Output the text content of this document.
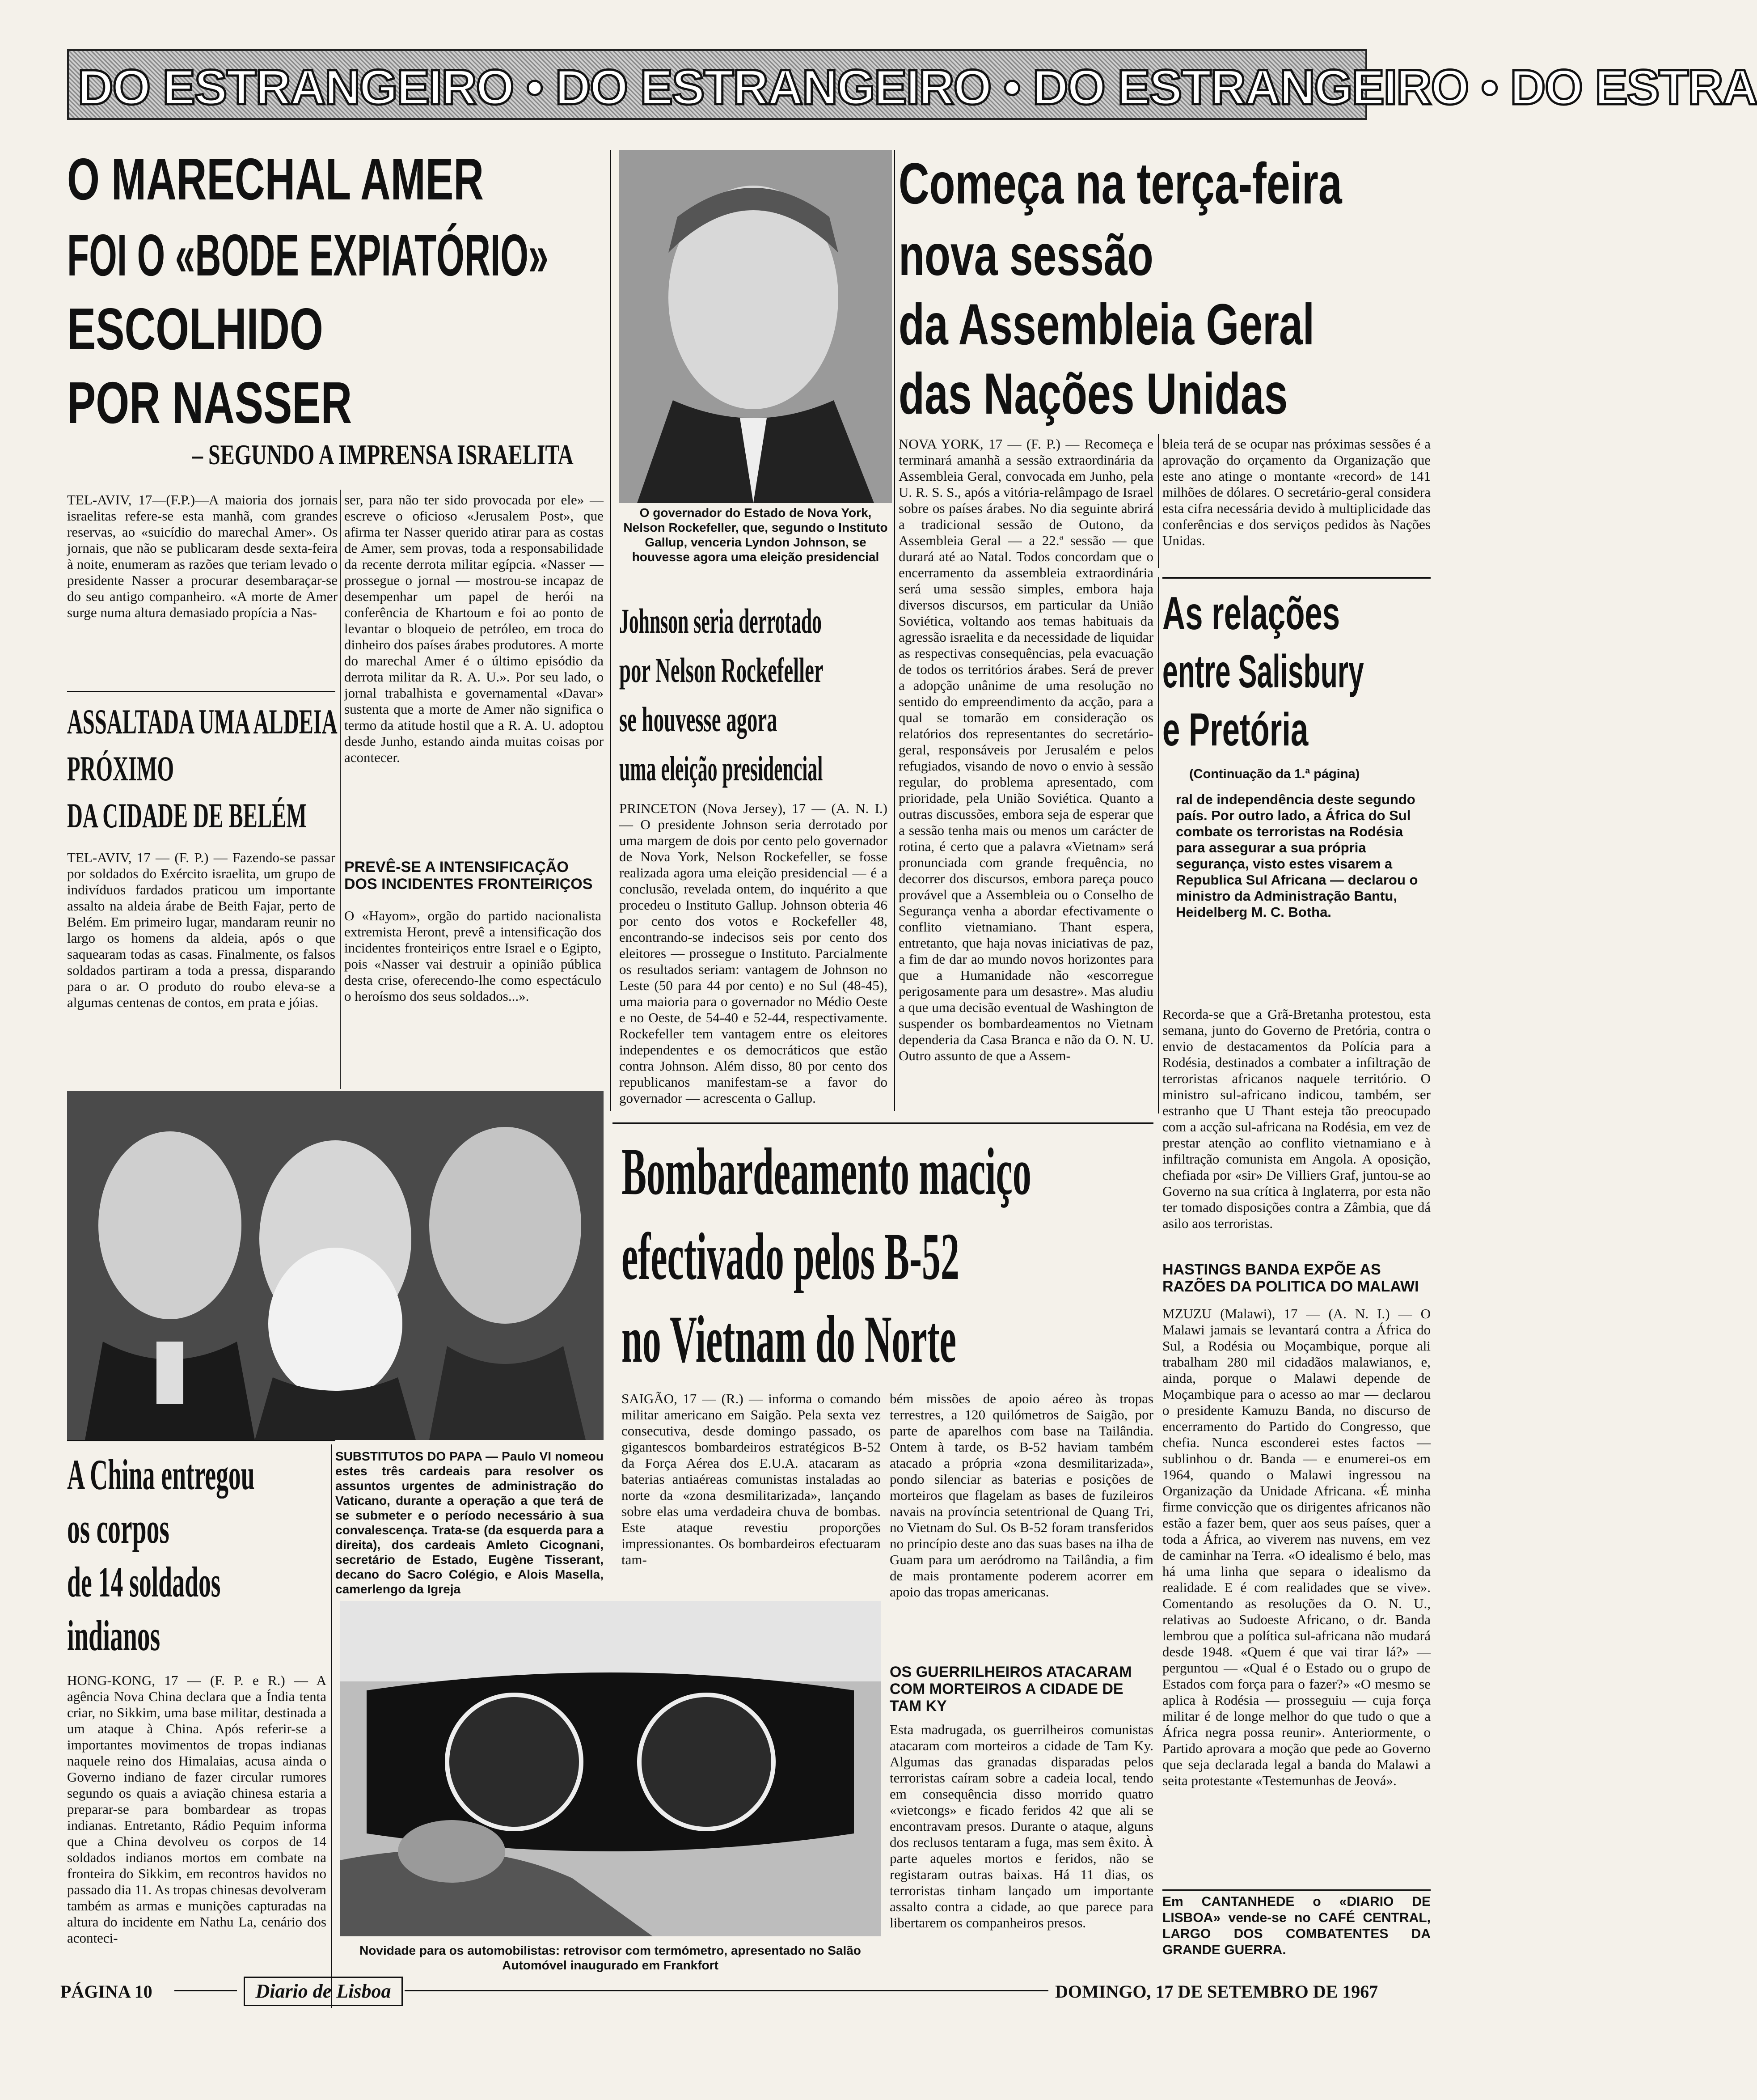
DO ESTRANGEIRO • DO ESTRANGEIRO • DO ESTRANGEIRO • DO ESTRA
O MARECHAL AMER
FOI O «BODE EXPIATÓRIO»
ESCOLHIDO
POR NASSER
– SEGUNDO A IMPRENSA ISRAELITA
TEL-AVIV, 17—(F.P.)—A maioria dos jornais israelitas refere-se esta manhã, com grandes reservas, ao «suicídio do marechal Amer». Os jornais, que não se publicaram desde sexta-feira à noite, enumeram as razões que teriam levado o presidente Nasser a procurar desembaraçar-se do seu antigo companheiro. «A morte de Amer surge numa altura demasiado propícia a Nas-
ser, para não ter sido provocada por ele» — escreve o oficioso «Jerusalem Post», que afirma ter Nasser querido atirar para as costas de Amer, sem provas, toda a responsabilidade da recente derrota militar egípcia. «Nasser — prossegue o jornal — mostrou-se incapaz de desempenhar um papel de herói na conferência de Khartoum e foi ao ponto de levantar o bloqueio de petróleo, em troca do dinheiro dos países árabes produtores. A morte do marechal Amer é o último episódio da derrota militar da R. A. U.». Por seu lado, o jornal trabalhista e governamental «Davar» sustenta que a morte de Amer não significa o termo da atitude hostil que a R. A. U. adoptou desde Junho, estando ainda muitas coisas por acontecer.
ASSALTADA UMA ALDEIA
PRÓXIMO
DA CIDADE DE BELÉM
TEL-AVIV, 17 — (F. P.) — Fazendo-se passar por soldados do Exército israelita, um grupo de indivíduos fardados praticou um importante assalto na aldeia árabe de Beith Fajar, perto de Belém. Em primeiro lugar, mandaram reunir no largo os homens da aldeia, após o que saquearam todas as casas. Finalmente, os falsos soldados partiram a toda a pressa, disparando para o ar. O produto do roubo eleva-se a algumas centenas de contos, em prata e jóias.
PREVÊ-SE A INTENSIFICAÇÃO DOS INCIDENTES FRONTEIRIÇOS
O «Hayom», orgão do partido nacionalista extremista Heront, prevê a intensificação dos incidentes fronteiriços entre Israel e o Egipto, pois «Nasser vai destruir a opinião pública desta crise, oferecendo-lhe como espectáculo o heroísmo dos seus soldados...».
O governador do Estado de Nova York, Nelson Rockefeller, que, segundo o Instituto Gallup, venceria Lyndon Johnson, se houvesse agora uma eleição presidencial
Johnson seria derrotado
por Nelson Rockefeller
se houvesse agora
uma eleição presidencial
PRINCETON (Nova Jersey), 17 — (A. N. I.) — O presidente Johnson seria derrotado por uma margem de dois por cento pelo governador de Nova York, Nelson Rockefeller, se fosse realizada agora uma eleição presidencial — é a conclusão, revelada ontem, do inquérito a que procedeu o Instituto Gallup. Johnson obteria 46 por cento dos votos e Rockefeller 48, encontrando-se indecisos seis por cento dos eleitores — prossegue o Instituto. Parcialmente os resultados seriam: vantagem de Johnson no Leste (50 para 44 por cento) e no Sul (48-45), uma maioria para o governador no Médio Oeste e no Oeste, de 54-40 e 52-44, respectivamente. Rockefeller tem vantagem entre os eleitores independentes e os democráticos que estão contra Johnson. Além disso, 80 por cento dos republicanos manifestam-se a favor do governador — acrescenta o Gallup.
Começa na terça-feira
nova sessão
da Assembleia Geral
das Nações Unidas
NOVA YORK, 17 — (F. P.) — Recomeça e terminará amanhã a sessão extraordinária da Assembleia Geral, convocada em Junho, pela U. R. S. S., após a vitória-relâmpago de Israel sobre os países árabes. No dia seguinte abrirá a tradicional sessão de Outono, da Assembleia Geral — a 22.ª sessão — que durará até ao Natal. Todos concordam que o encerramento da assembleia extraordinária será uma sessão simples, embora haja diversos discursos, em particular da União Soviética, voltando aos temas habituais da agressão israelita e da necessidade de liquidar as respectivas consequências, pela evacuação de todos os territórios árabes. Será de prever a adopção unânime de uma resolução no sentido do empreendimento da acção, para a qual se tomarão em consideração os relatórios dos representantes do secretário-geral, responsáveis por Jerusalém e pelos refugiados, visando de novo o envio à sessão regular, do problema apresentado, com prioridade, pela União Soviética. Quanto a outras discussões, embora seja de esperar que a sessão tenha mais ou menos um carácter de rotina, é certo que a palavra «Vietnam» será pronunciada com grande frequência, no decorrer dos discursos, embora pareça pouco provável que a Assembleia ou o Conselho de Segurança venha a abordar efectivamente o conflito vietnamiano. Thant espera, entretanto, que haja novas iniciativas de paz, a fim de dar ao mundo novos horizontes para que a Humanidade não «escorregue perigosamente para um desastre». Mas aludiu a que uma decisão eventual de Washington de suspender os bombardeamentos no Vietnam dependeria da Casa Branca e não da O. N. U. Outro assunto de que a Assem-
bleia terá de se ocupar nas próximas sessões é a aprovação do orçamento da Organização que este ano atinge o montante «record» de 141 milhões de dólares. O secretário-geral considera esta cifra necessária devido à multiplicidade das conferências e dos serviços pedidos às Nações Unidas.
As relações
entre Salisbury
e Pretória
(Continuação da 1.ª página)
ral de independência deste segundo país. Por outro lado, a África do Sul combate os terroristas na Rodésia para assegurar a sua própria segurança, visto estes visarem a Republica Sul Africana — declarou o ministro da Administração Bantu, Heidelberg M. C. Botha.
Recorda-se que a Grã-Bretanha protestou, esta semana, junto do Governo de Pretória, contra o envio de destacamentos da Polícia para a Rodésia, destinados a combater a infiltração de terroristas africanos naquele território. O ministro sul-africano indicou, também, ser estranho que U Thant esteja tão preocupado com a acção sul-africana na Rodésia, em vez de prestar atenção ao conflito vietnamiano e à infiltração comunista em Angola. A oposição, chefiada por «sir» De Villiers Graf, juntou-se ao Governo na sua crítica à Inglaterra, por esta não ter tomado disposições contra a Zâmbia, que dá asilo aos terroristas.
HASTINGS BANDA EXPÕE AS RAZÕES DA POLITICA DO MALAWI
MZUZU (Malawi), 17 — (A. N. I.) — O Malawi jamais se levantará contra a África do Sul, a Rodésia ou Moçambique, porque ali trabalham 280 mil cidadãos malawianos, e, ainda, porque o Malawi depende de Moçambique para o acesso ao mar — declarou o presidente Kamuzu Banda, no discurso de encerramento do Partido do Congresso, que chefia. Nunca esconderei estes factos — sublinhou o dr. Banda — e enumerei-os em 1964, quando o Malawi ingressou na Organização da Unidade Africana. «É minha firme convicção que os dirigentes africanos não estão a fazer bem, quer aos seus países, quer a toda a África, ao viverem nas nuvens, em vez de caminhar na Terra. «O idealismo é belo, mas há uma linha que separa o idealismo da realidade. E é com realidades que se vive». Comentando as resoluções da O. N. U., relativas ao Sudoeste Africano, o dr. Banda lembrou que a política sul-africana não mudará desde 1948. «Quem é que vai tirar lá?» — perguntou — «Qual é o Estado ou o grupo de Estados com força para o fazer?» «O mesmo se aplica à Rodésia — prosseguiu — cuja força militar é de longe melhor do que tudo o que a África negra possa reunir». Anteriormente, o Partido aprovara a moção que pede ao Governo que seja declarada legal a banda do Malawi a seita protestante «Testemunhas de Jeová».
Em CANTANHEDE o «DIARIO DE LISBOA» vende-se no CAFÉ CENTRAL, LARGO DOS COMBATENTES DA GRANDE GUERRA.
SUBSTITUTOS DO PAPA — Paulo VI nomeou estes três cardeais para resolver os assuntos urgentes de administração do Vaticano, durante a operação a que terá de se submeter e o período necessário à sua convalescença. Trata-se (da esquerda para a direita), dos cardeais Amleto Cicognani, secretário de Estado, Eugène Tisserant, decano do Sacro Colégio, e Alois Masella, camerlengo da Igreja
A China entregou
os corpos
de 14 soldados
indianos
HONG-KONG, 17 — (F. P. e R.) — A agência Nova China declara que a Índia tenta criar, no Sikkim, uma base militar, destinada a um ataque à China. Após referir-se a importantes movimentos de tropas indianas naquele reino dos Himalaias, acusa ainda o Governo indiano de fazer circular rumores segundo os quais a aviação chinesa estaria a preparar-se para bombardear as tropas indianas. Entretanto, Rádio Pequim informa que a China devolveu os corpos de 14 soldados indianos mortos em combate na fronteira do Sikkim, em recontros havidos no passado dia 11. As tropas chinesas devolveram também as armas e munições capturadas na altura do incidente em Nathu La, cenário dos aconteci-
Bombardeamento maciço
efectivado pelos B-52
no Vietnam do Norte
SAIGÃO, 17 — (R.) — informa o comando militar americano em Saigão. Pela sexta vez consecutiva, desde domingo passado, os gigantescos bombardeiros estratégicos B-52 da Força Aérea dos E.U.A. atacaram as baterias antiaéreas comunistas instaladas ao norte da «zona desmilitarizada», lançando sobre elas uma verdadeira chuva de bombas. Este ataque revestiu proporções impressionantes. Os bombardeiros efectuaram tam-
bém missões de apoio aéreo às tropas terrestres, a 120 quilómetros de Saigão, por parte de aparelhos com base na Tailândia. Ontem à tarde, os B-52 haviam também atacado a própria «zona desmilitarizada», pondo silenciar as baterias e posições de morteiros que flagelam as bases de fuzileiros navais na província setentrional de Quang Tri, no Vietnam do Sul. Os B-52 foram transferidos no princípio deste ano das suas bases na ilha de Guam para um aeródromo na Tailândia, a fim de mais prontamente poderem acorrer em apoio das tropas americanas.
OS GUERRILHEIROS ATACARAM COM MORTEIROS A CIDADE DE TAM KY
Esta madrugada, os guerrilheiros comunistas atacaram com morteiros a cidade de Tam Ky. Algumas das granadas disparadas pelos terroristas caíram sobre a cadeia local, tendo em consequência disso morrido quatro «vietcongs» e ficado feridos 42 que ali se encontravam presos. Durante o ataque, alguns dos reclusos tentaram a fuga, mas sem êxito. À parte aqueles mortos e feridos, não se registaram outras baixas. Há 11 dias, os terroristas tinham lançado um importante assalto contra a cidade, ao que parece para libertarem os companheiros presos.
Novidade para os automobilistas: retrovisor com termómetro, apresentado no Salão Automóvel inaugurado em Frankfort
PÁGINA 10	Diario de Lisboa	DOMINGO, 17 DE SETEMBRO DE 1967
